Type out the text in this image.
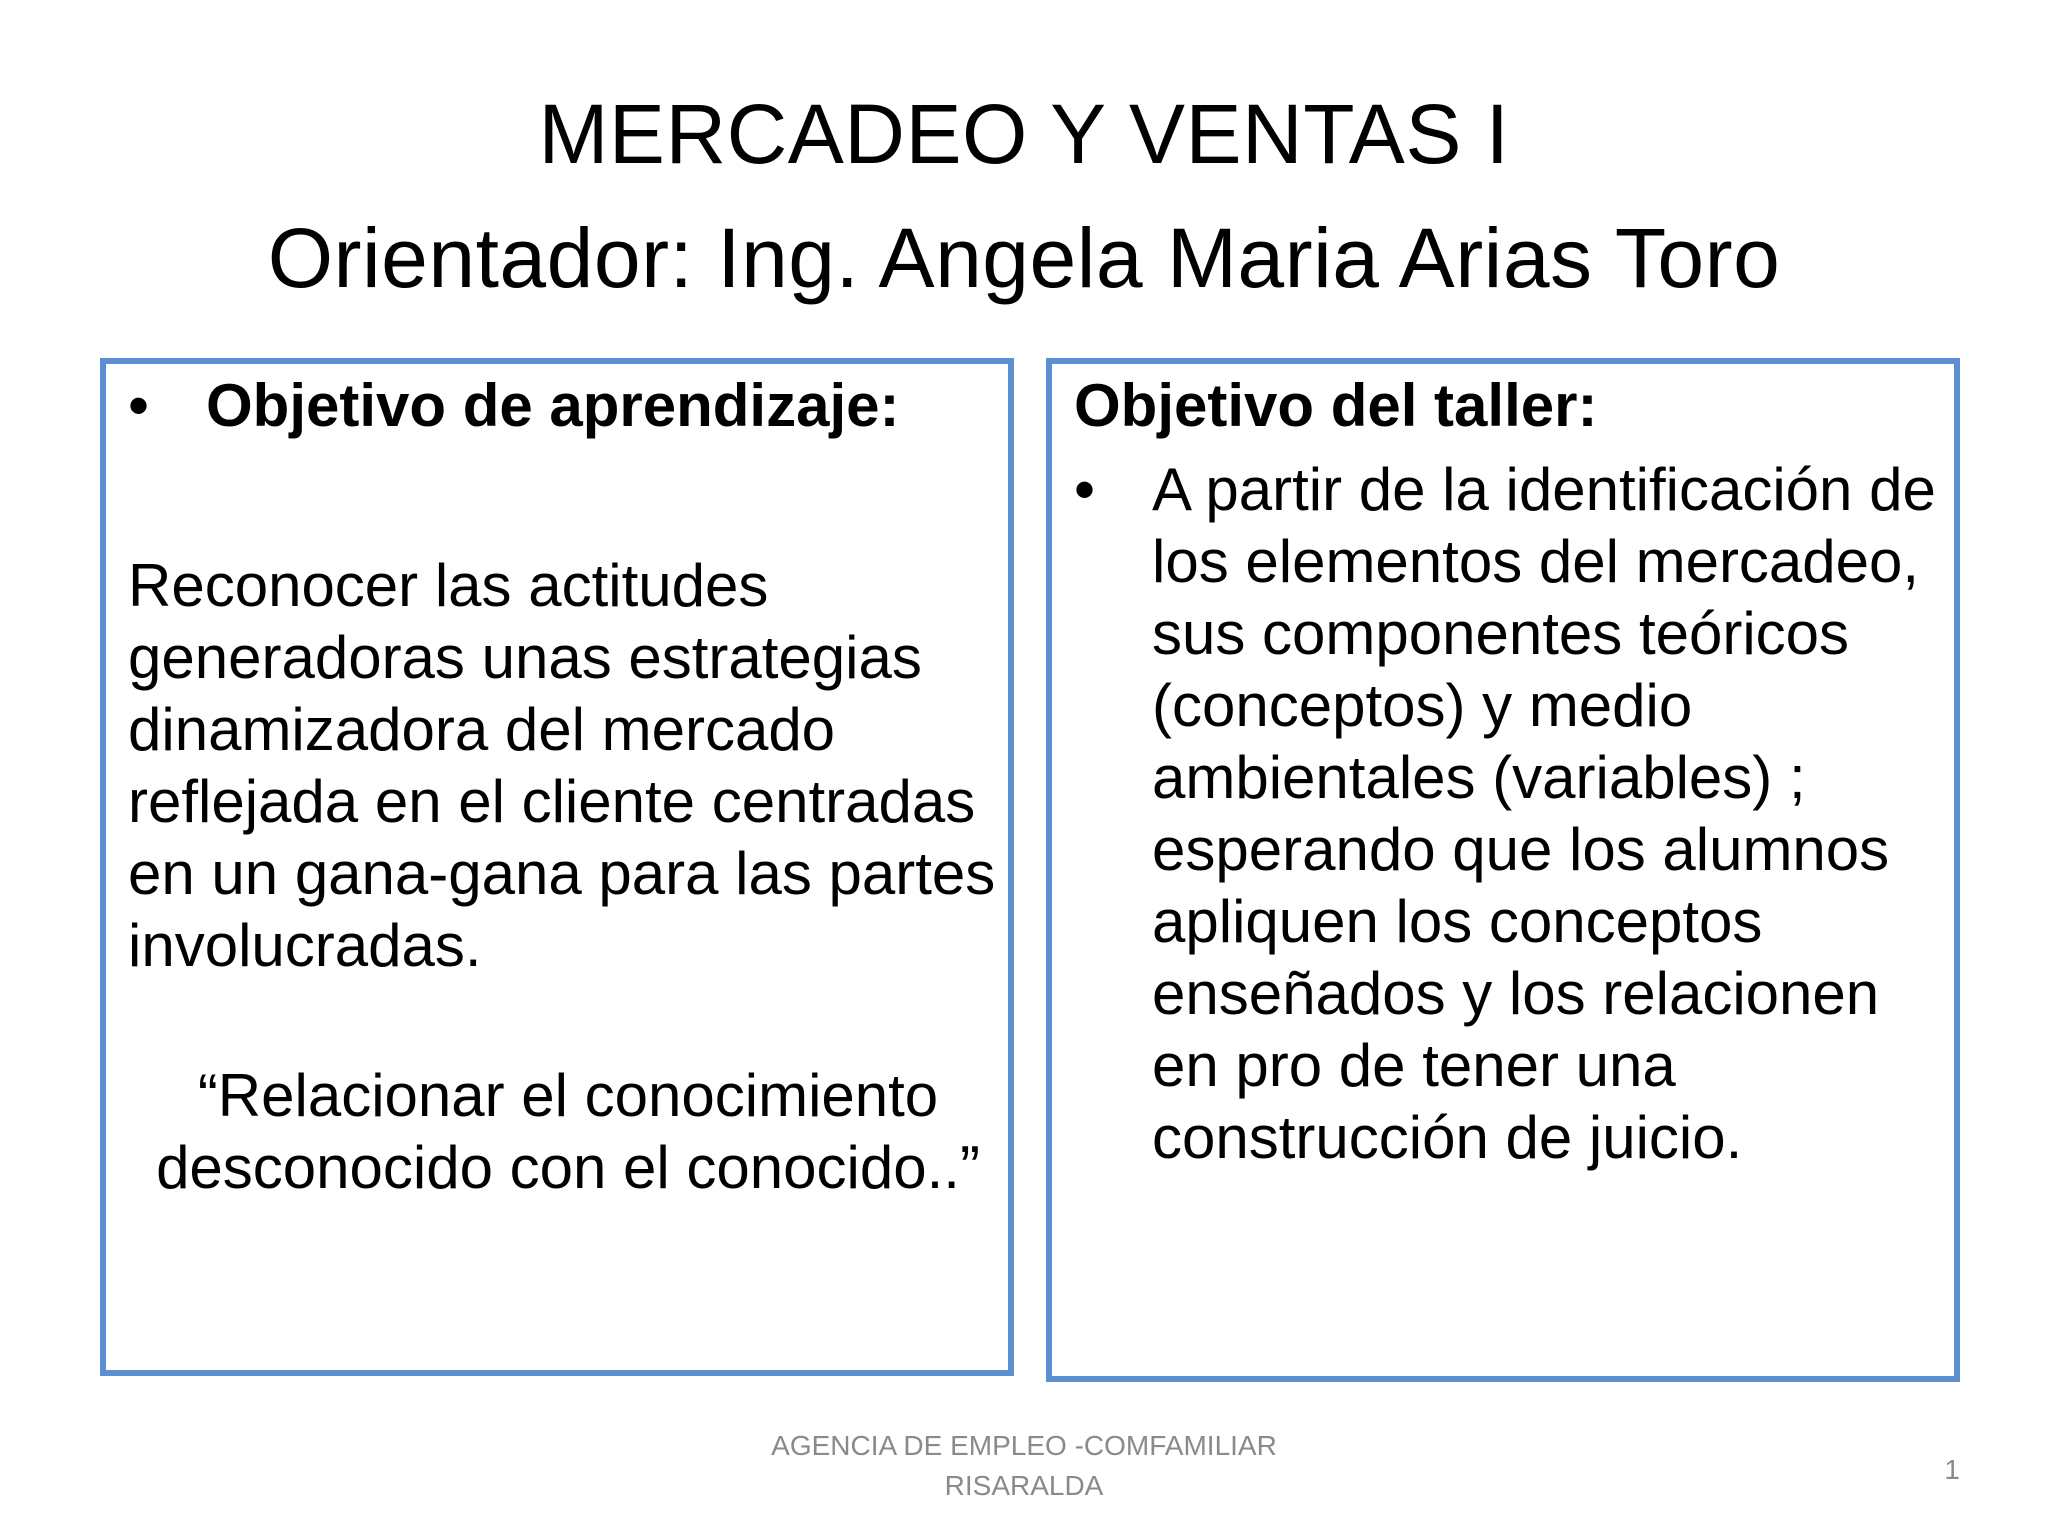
MERCADEO Y VENTAS I
Orientador: Ing. Angela Maria Arias Toro
• Objetivo de aprendizaje:
Reconocer las actitudes generadoras unas estrategias dinamizadora del mercado reflejada en el cliente centradas en un gana-gana para las partes involucradas.
“Relacionar el conocimiento desconocido con el conocido..”
Objetivo del taller:
• A partir de la identificación de los elementos del mercadeo, sus componentes teóricos (conceptos) y medio ambientales (variables) ; esperando que los alumnos apliquen los conceptos enseñados y los relacionen en pro de tener una construcción de juicio.
AGENCIA DE EMPLEO -COMFAMILIAR
RISARALDA
1
